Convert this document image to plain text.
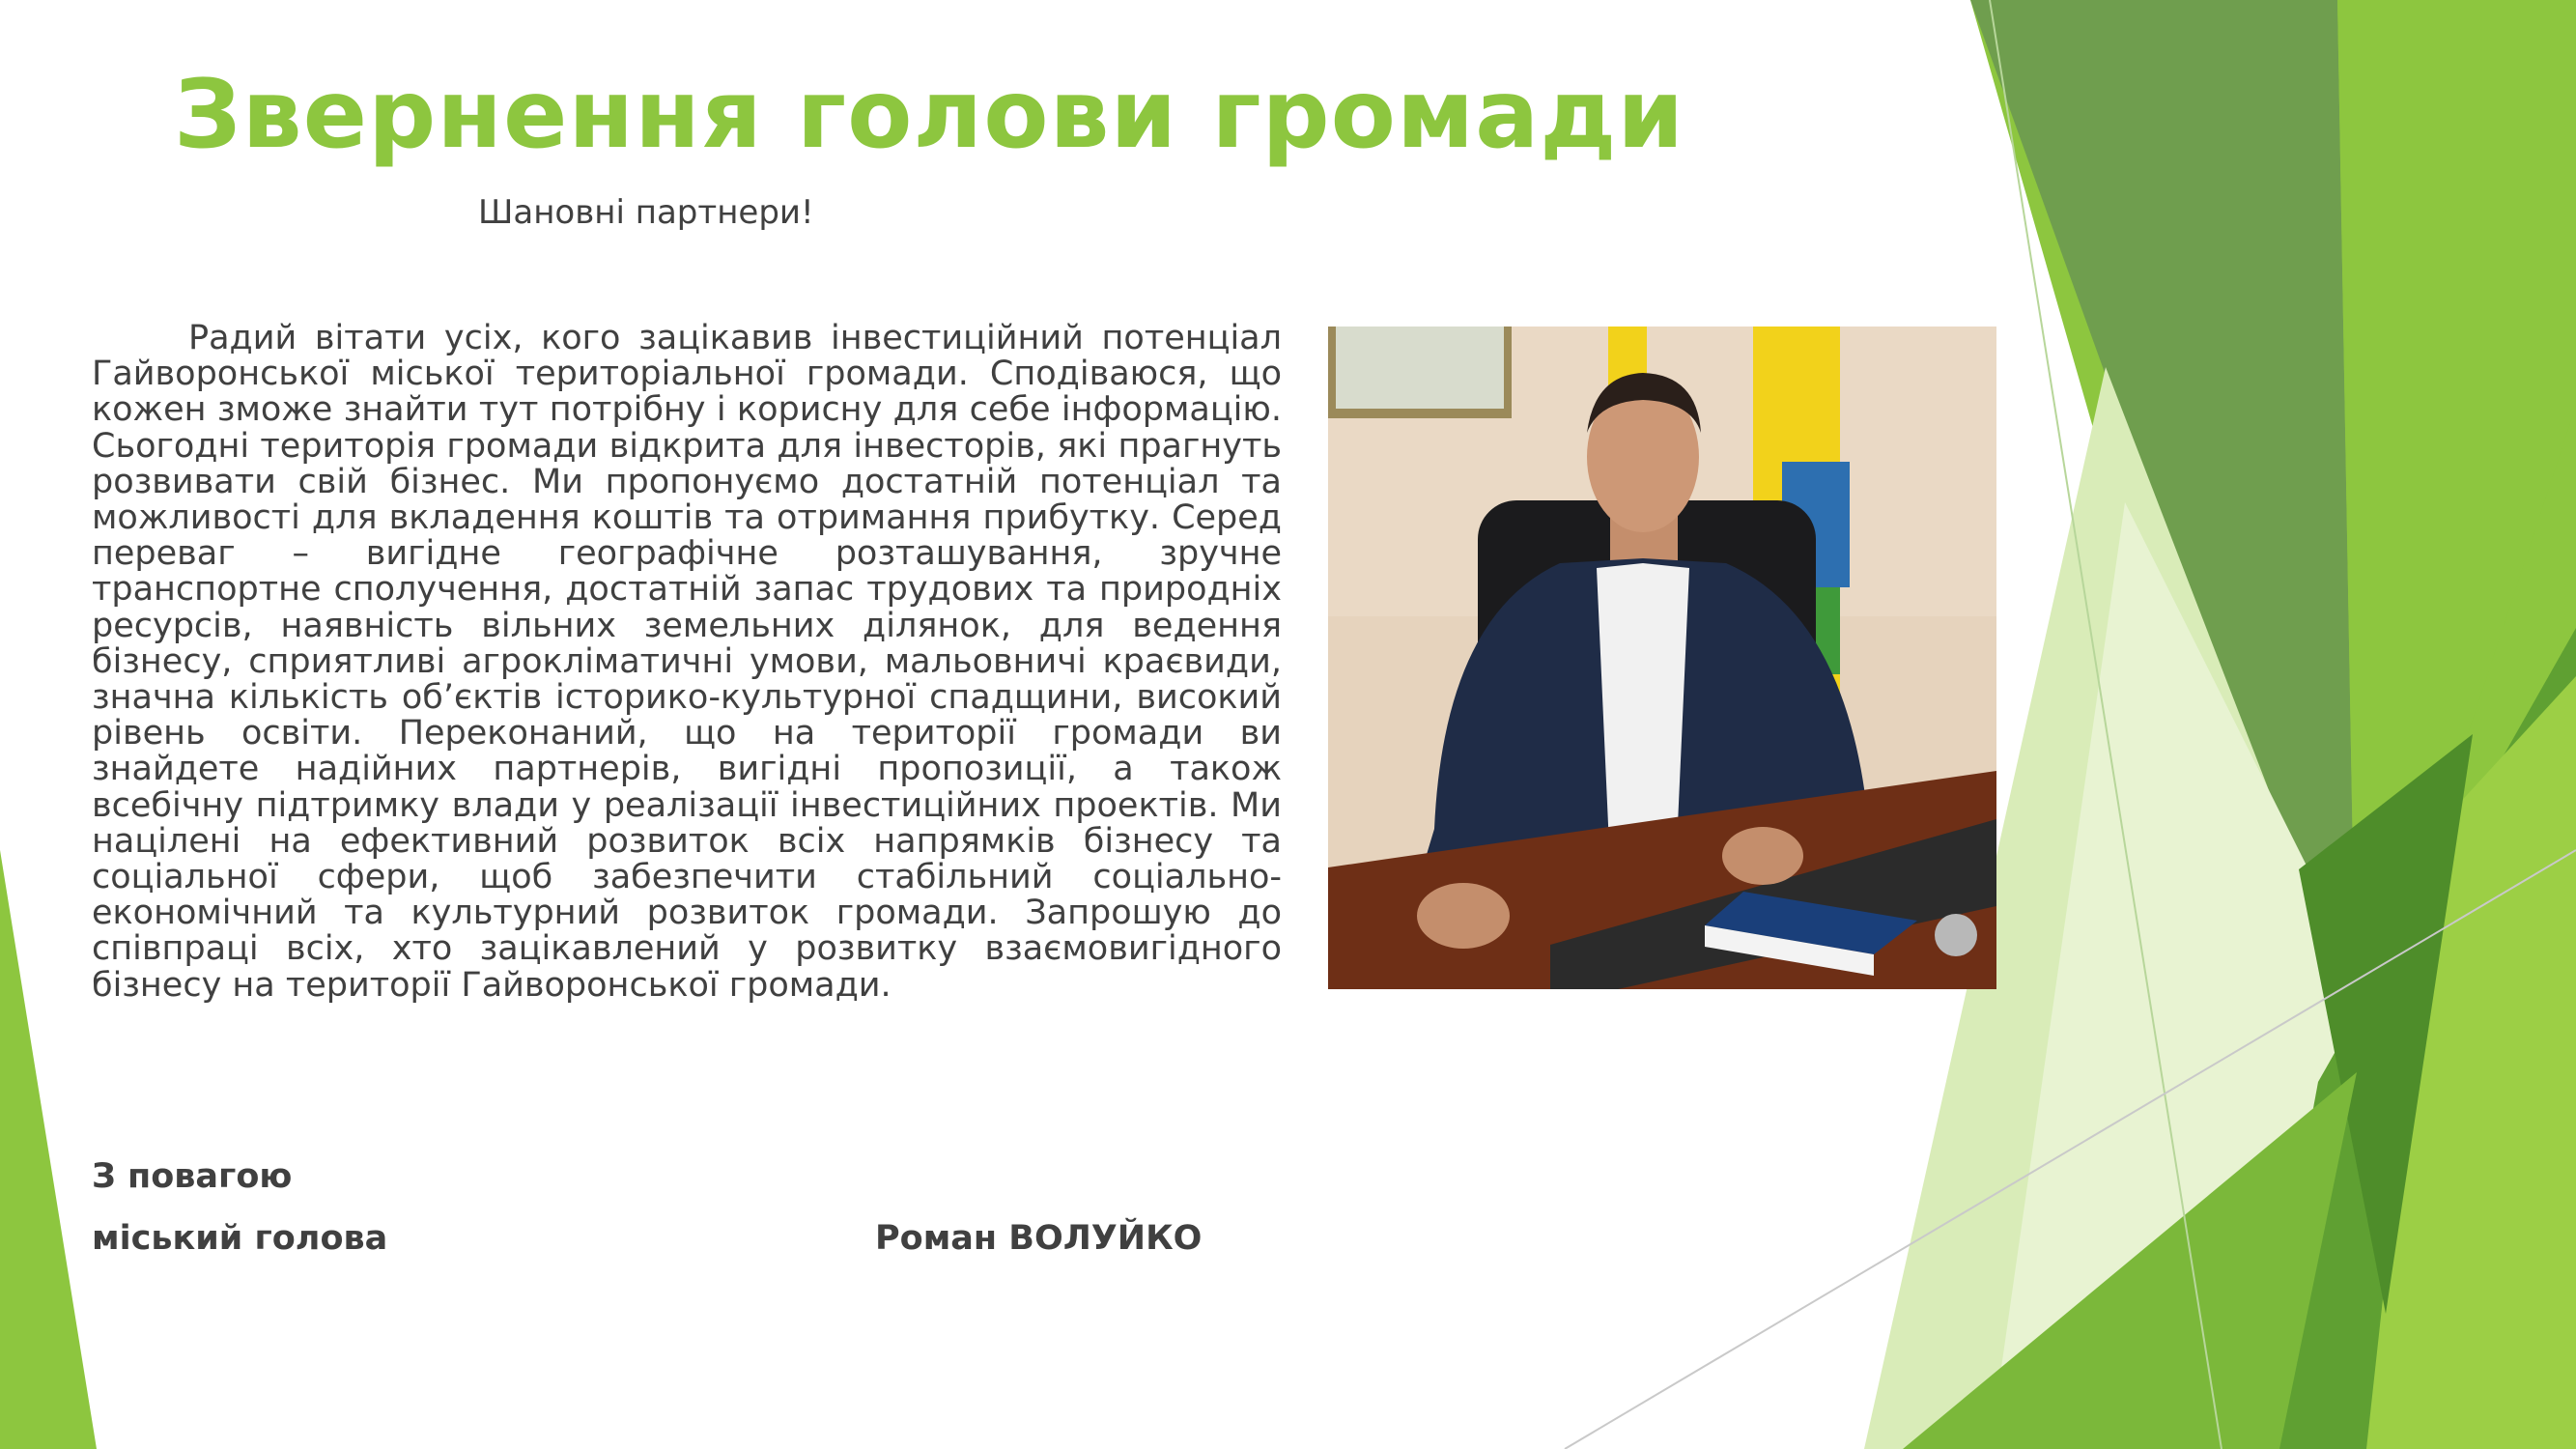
Звернення голови громади
Шановні партнери!

Радий вітати усіх, кого зацікавив інвестиційний потенціал Гайворонської міської територіальної громади. Сподіваюся, що кожен зможе знайти тут потрібну і корисну для себе інформацію. Сьогодні територія громади відкрита для інвесторів, які прагнуть розвивати свій бізнес. Ми пропонуємо достатній потенціал та можливості для вкладення коштів та отримання прибутку. Серед переваг – вигідне географічне розташування, зручне транспортне сполучення, достатній запас трудових та природніх ресурсів, наявність вільних земельних ділянок, для ведення бізнесу, сприятливі агрокліматичні умови, мальовничі краєвиди, значна кількість об’єктів історико-культурної спадщини, високий рівень освіти. Переконаний, що на території громади ви знайдете надійних партнерів, вигідні пропозиції, а також всебічну підтримку влади у реалізації інвестиційних проектів. Ми націлені на ефективний розвиток всіх напрямків бізнесу та соціальної сфери, щоб забезпечити стабільний соціально-економічний та культурний розвиток громади. Запрошую до співпраці всіх, хто зацікавлений у розвитку взаємовигідного бізнесу на території Гайворонської громади.

З повагою
міський голова	Роман ВОЛУЙКО
